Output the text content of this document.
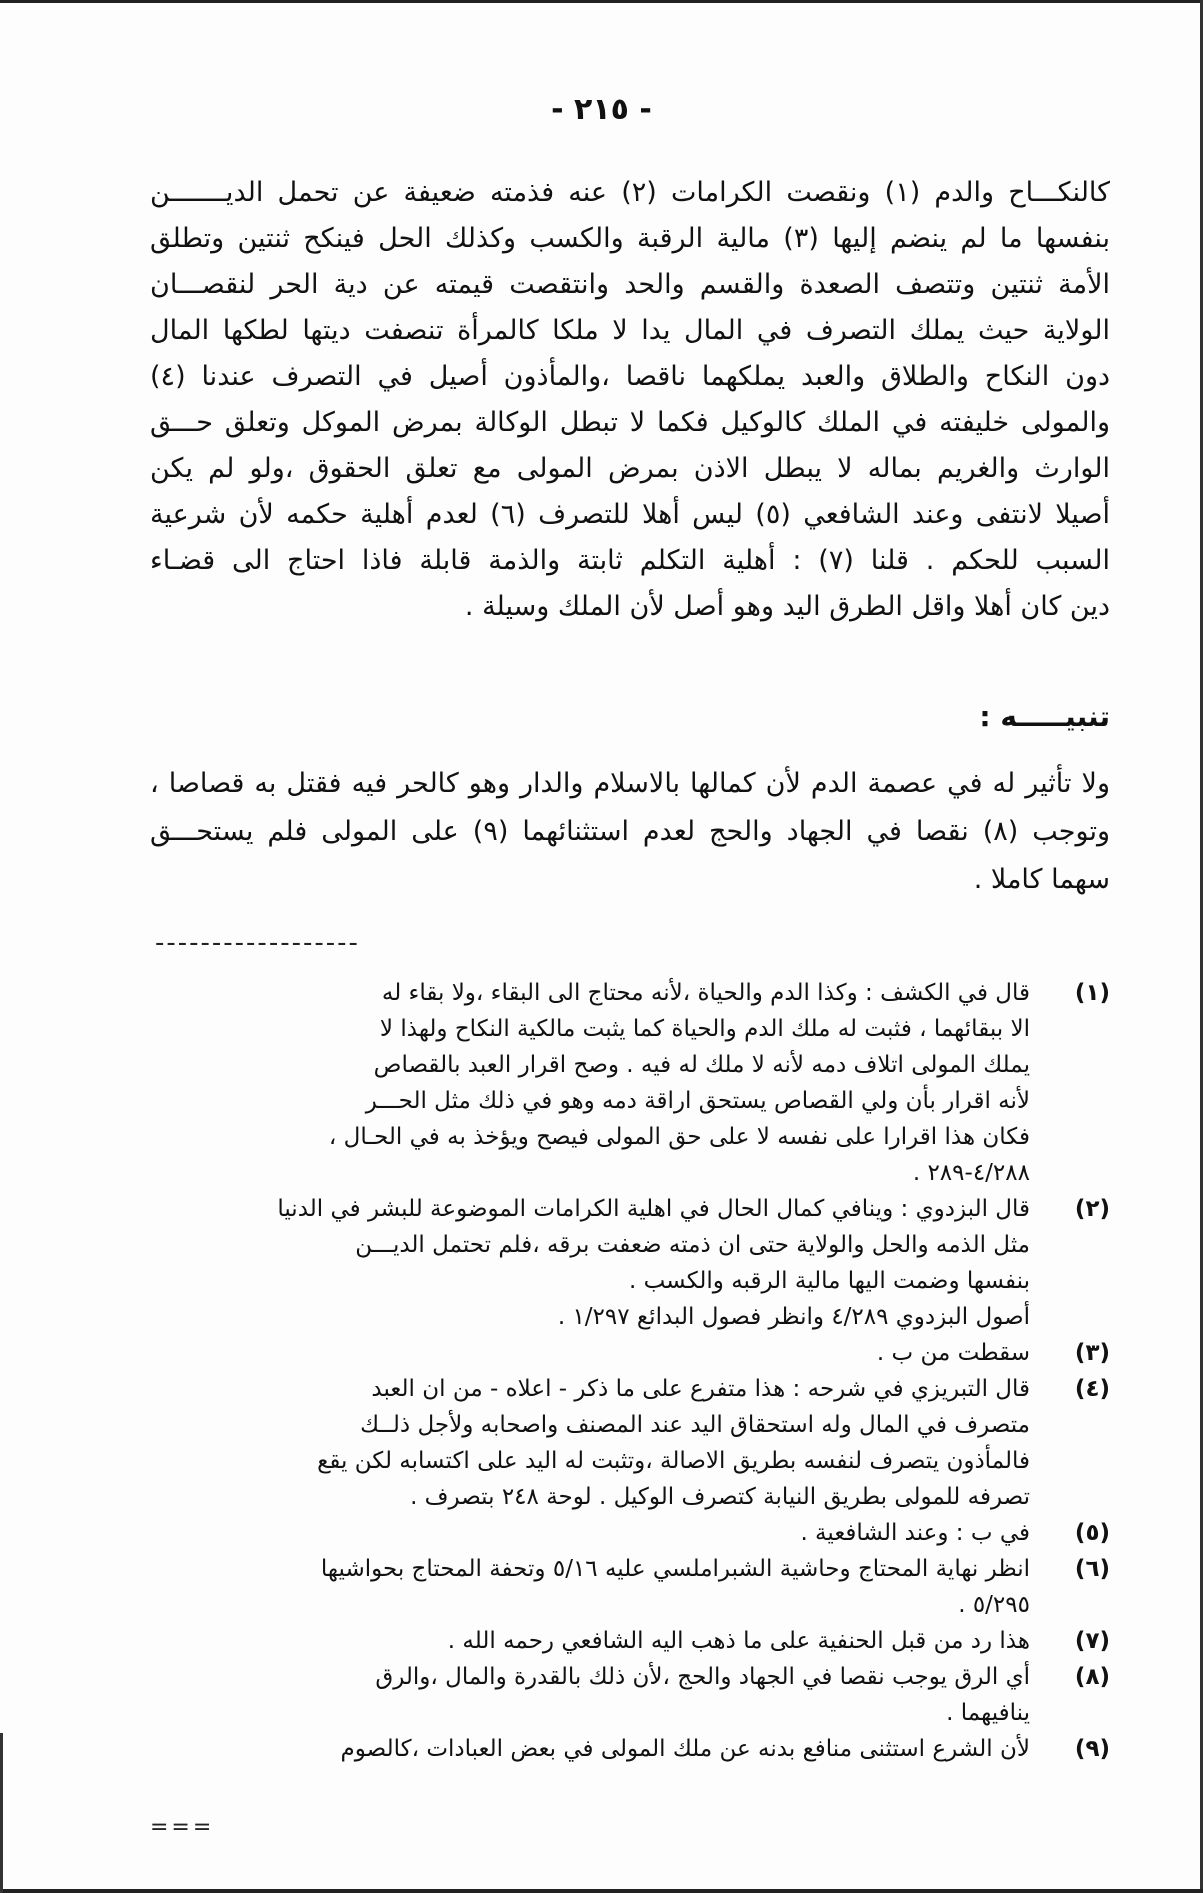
- ٢١٥ -
كالنكـــاح والدم (١) ونقصت الكرامات (٢) عنه فذمته ضعيفة عن تحمل الديـــــــن
بنفسها ما لم ينضم إليها (٣) مالية الرقبة والكسب وكذلك الحل فينكح ثنتين وتطلق
الأمة ثنتين وتتصف الصعدة والقسم والحد وانتقصت قيمته عن دية الحر لنقصـــان
الولاية حيث يملك التصرف في المال يدا لا ملكا كالمرأة تنصفت ديتها لطكها المال
دون النكاح والطلاق والعبد يملكهما ناقصا ،والمأذون أصيل في التصرف عندنا (٤)
والمولى خليفته في الملك كالوكيل فكما لا تبطل الوكالة بمرض الموكل وتعلق حـــق
الوارث والغريم بماله لا يبطل الاذن بمرض المولى مع تعلق الحقوق ،ولو لم يكن
أصيلا لانتفى وعند الشافعي (٥) ليس أهلا للتصرف (٦) لعدم أهلية حكمه لأن شرعية
السبب للحكم . قلنا (٧) : أهلية التكلم ثابتة والذمة قابلة فاذا احتاج الى قضـاء
دين كان أهلا واقل الطرق اليد وهو أصل لأن الملك وسيلة .
تنبيـــــه :
ولا تأثير له في عصمة الدم لأن كمالها بالاسلام والدار وهو كالحر فيه فقتل به قصاصا ،
وتوجب (٨) نقصا في الجهاد والحج لعدم استثنائهما (٩) على المولى فلم يستحـــق
سهما كاملا .
------------------
(١)
قال في الكشف : وكذا الدم والحياة ،لأنه محتاج الى البقاء ،ولا بقاء له
الا ببقائهما ، فثبت له ملك الدم والحياة كما يثبت مالكية النكاح ولهذا لا
يملك المولى اتلاف دمه لأنه لا ملك له فيه . وصح اقرار العبد بالقصاص
لأنه اقرار بأن ولي القصاص يستحق اراقة دمه وهو في ذلك مثل الحـــر
فكان هذا اقرارا على نفسه لا على حق المولى فيصح ويؤخذ به في الحـال ،
٤/٢٨٨-٢٨٩ .
(٢)
قال البزدوي : وينافي كمال الحال في اهلية الكرامات الموضوعة للبشر في الدنيا
مثل الذمه والحل والولاية حتى ان ذمته ضعفت برقه ،فلم تحتمل الديـــن
بنفسها وضمت اليها مالية الرقبه والكسب .
أصول البزدوي ٤/٢٨٩ وانظر فصول البدائع ١/٢٩٧ .
(٣)
سقطت من ب .
(٤)
قال التبريزي في شرحه : هذا متفرع على ما ذكر - اعلاه - من ان العبد
متصرف في المال وله استحقاق اليد عند المصنف واصحابه ولأجل ذلــك
فالمأذون يتصرف لنفسه بطريق الاصالة ،وتثبت له اليد على اكتسابه لكن يقع
تصرفه للمولى بطريق النيابة كتصرف الوكيل . لوحة ٢٤٨ بتصرف .
(٥)
في ب : وعند الشافعية .
(٦)
انظر نهاية المحتاج وحاشية الشبراملسي عليه ٥/١٦ وتحفة المحتاج بحواشيها
٥/٢٩٥ .
(٧)
هذا رد من قبل الحنفية على ما ذهب اليه الشافعي رحمه الله .
(٨)
أي الرق يوجب نقصا في الجهاد والحج ،لأن ذلك بالقدرة والمال ،والرق
ينافيهما .
(٩)
لأن الشرع استثنى منافع بدنه عن ملك المولى في بعض العبادات ،كالصوم
===
